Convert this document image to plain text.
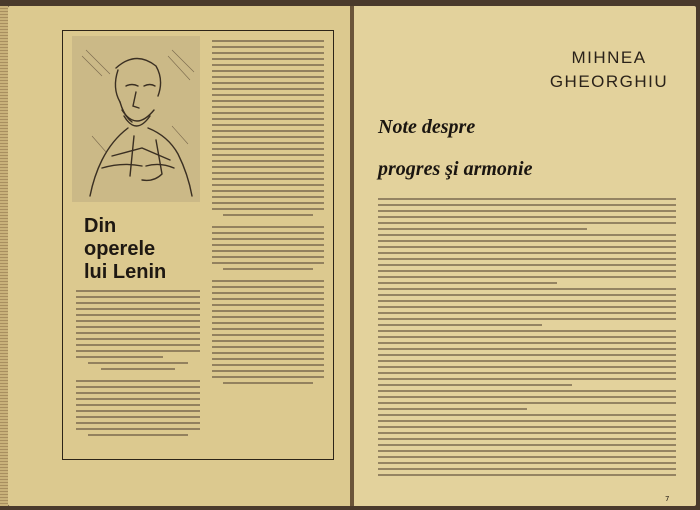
Din
operele
lui Lenin
MIHNEA
GHEORGHIU
Note despre
progres şi armonie
7
